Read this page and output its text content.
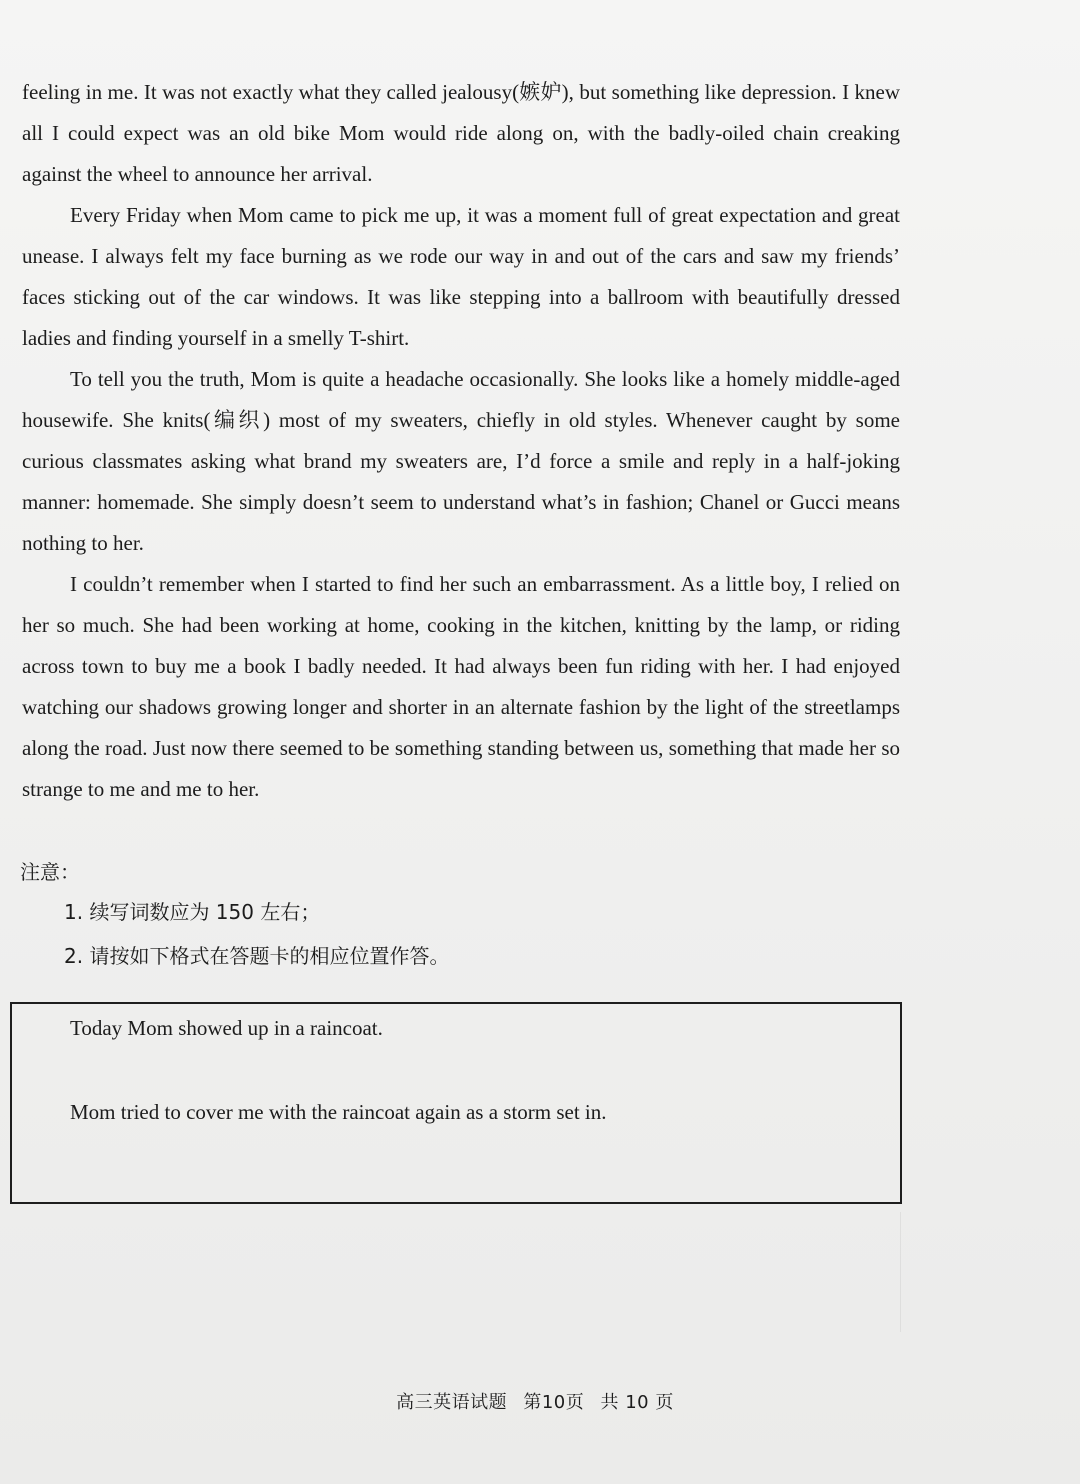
feeling in me. It was not exactly what they called jealousy(嫉妒), but something like depression. I knew all I could expect was an old bike Mom would ride along on, with the badly-oiled chain creaking against the wheel to announce her arrival.

Every Friday when Mom came to pick me up, it was a moment full of great expectation and great unease. I always felt my face burning as we rode our way in and out of the cars and saw my friends’ faces sticking out of the car windows. It was like stepping into a ballroom with beautifully dressed ladies and finding yourself in a smelly T-shirt.

To tell you the truth, Mom is quite a headache occasionally. She looks like a homely middle-aged housewife. She knits(编织) most of my sweaters, chiefly in old styles. Whenever caught by some curious classmates asking what brand my sweaters are, I’d force a smile and reply in a half-joking manner: homemade. She simply doesn’t seem to understand what’s in fashion; Chanel or Gucci means nothing to her.

I couldn’t remember when I started to find her such an embarrassment. As a little boy, I relied on her so much. She had been working at home, cooking in the kitchen, knitting by the lamp, or riding across town to buy me a book I badly needed. It had always been fun riding with her. I had enjoyed watching our shadows growing longer and shorter in an alternate fashion by the light of the streetlamps along the road. Just now there seemed to be something standing between us, something that made her so strange to me and me to her.

注意：

1. 续写词数应为 150 左右；

2. 请按如下格式在答题卡的相应位置作答。

Today Mom showed up in a raincoat.

Mom tried to cover me with the raincoat again as a storm set in.

高三英语试题 第10页 共 10 页
